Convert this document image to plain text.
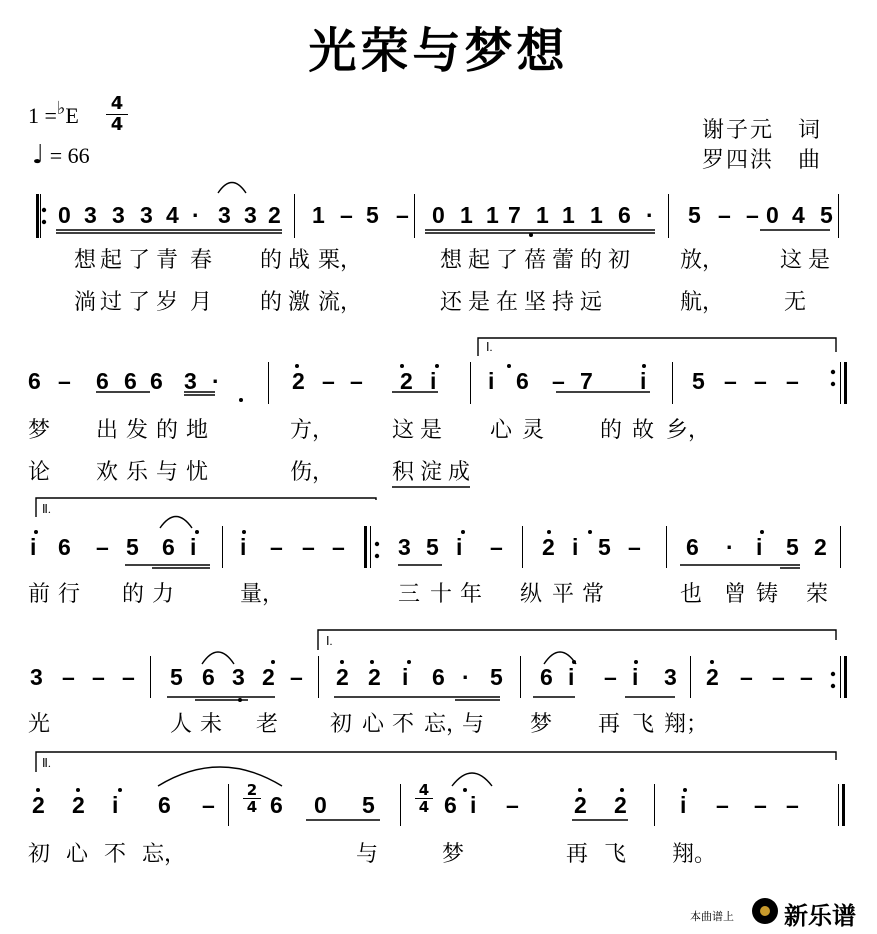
光荣与梦想
1 =♭E 4
4
♩ = 66
谢子元　词
罗四洪　曲
0 3 3 3 4 · 3 3 2 1 – 5 – 0 1 1 7 1 1 1 6 · 5 – – 0 4 5
6 – 6 6 6 3 ·	2 – – 2 i i 6 – 7 i 5 – – –
i 6 – 5 6 i i – – – 3 5 i – 2 i 5 – 6 · i 5 2
3 – – – 5 6 3 2 – 2 2 i 6 · 5 6 i – i 3 2 – – –
2 2 i 6 – 6 0 5	6 i – 2 2 i – – –
想 起 了 青 春 的 战 栗，	想 起 了 蓓 蕾 的 初 放，	这 是
淌 过 了 岁 月 的 激 流，	还 是 在 坚 持 远	航，	无
梦 出 发 的 地	方，	这 是 心 灵	的 故 乡，
论 欢 乐 与 忧	伤，	积 淀 成
前 行 的 力	量，	三 十 年 纵 平 常	也 曾 铸 荣
光	人 未 老 初 心 不 忘，
与 梦 再 飞 翔；
初 心 不 忘，	与	梦	再 飞 翔。
Ⅰ.
Ⅱ.
Ⅰ.
Ⅱ.
2
4
4
4
本曲谱上 新乐谱
